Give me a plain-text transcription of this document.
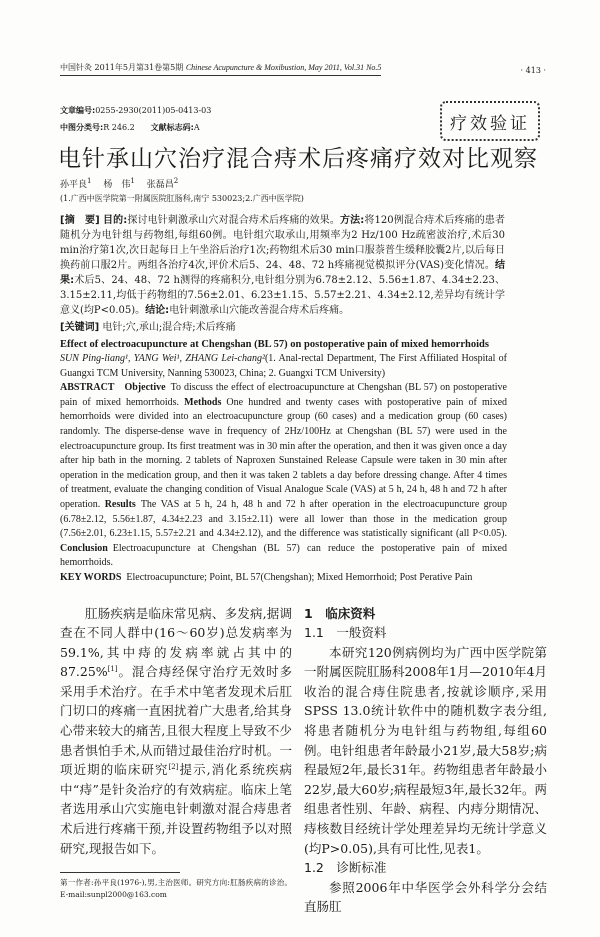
中国针灸 2011年5月第31卷第5期 Chinese Acupuncture & Moxibustion, May 2011, Vol.31 No.5	· 413 ·
文章编号:0255-2930(2011)05-0413-03
中图分类号:R 246.2   文献标志码:A	疗效验证
电针承山穴治疗混合痔术后疼痛疗效对比观察
孙平良$^1$  杨　伟$^1$  张磊昌$^2$
(1.广西中医学院第一附属医院肛肠科,南宁 530023;2.广西中医学院)
[摘　要] 目的:探讨电针刺激承山穴对混合痔术后疼痛的效果。方法:将120例混合痔术后疼痛的患者随机分为电针组与药物组,每组60例。电针组穴取承山,用频率为2 Hz/100 Hz疏密波治疗,术后30 min治疗第1次,次日起每日上午坐浴后治疗1次;药物组术后30 min口服萘普生缓释胶囊2片,以后每日换药前口服2片。两组各治疗4次,评价术后5、24、48、72 h疼痛视觉模拟评分(VAS)变化情况。结果:术后5、24、48、72 h测得的疼痛积分,电针组分别为6.78±2.12、5.56±1.87、4.34±2.23、3.15±2.11,均低于药物组的7.56±2.01、6.23±1.15、5.57±2.21、4.34±2.12,差异均有统计学意义(均P<0.05)。结论:电针刺激承山穴能改善混合痔术后疼痛。
[关键词] 电针;穴,承山;混合痔;术后疼痛
Effect of electroacupuncture at Chengshan (BL 57) on postoperative pain of mixed hemorrhoids
SUN Ping-liang¹, YANG Wei¹, ZHANG Lei-chang²(1. Anal-rectal Department, The First Affiliated Hospital of Guangxi TCM University, Nanning 530023, China; 2. Guangxi TCM University)
ABSTRACT  Objective  To discuss the effect of electroacupuncture at Chengshan (BL 57) on postoperative pain of mixed hemorrhoids. Methods  One hundred and twenty cases with postoperative pain of mixed hemorrhoids were divided into an electroacupuncture group (60 cases) and a medication group (60 cases) randomly. The disperse-dense wave in frequency of 2Hz/100Hz at Chengshan (BL 57) were used in the electroacupuncture group. Its first treatment was in 30 min after the operation, and then it was given once a day after hip bath in the morning. 2 tablets of Naproxen Sunstained Release Capsule were taken in 30 min after operation in the medication group, and then it was taken 2 tablets a day before dressing change. After 4 times of treatment, evaluate the changing condition of Visual Analogue Scale (VAS) at 5 h, 24 h, 48 h and 72 h after operation. Results  The VAS at 5 h, 24 h, 48 h and 72 h after operation in the electroacupuncture group (6.78±2.12, 5.56±1.87, 4.34±2.23 and 3.15±2.11) were all lower than those in the medication group (7.56±2.01, 6.23±1.15, 5.57±2.21 and 4.34±2.12), and the difference was statistically significant (all P<0.05). Conclusion  Electroacupuncture at Chengshan (BL 57) can reduce the postoperative pain of mixed hemorrhoids.
KEY WORDS  Electroacupuncture; Point, BL 57(Chengshan); Mixed Hemorrhoid; Post Perative Pain
肛肠疾病是临床常见病、多发病,据调查在不同人群中(16～60岁)总发病率为59.1%,其中痔的发病率就占其中的87.25%[1]。混合痔经保守治疗无效时多采用手术治疗。在手术中笔者发现术后肛门切口的疼痛一直困扰着广大患者,给其身心带来较大的痛苦,且很大程度上导致不少患者惧怕手术,从而错过最佳治疗时机。一项近期的临床研究[2]提示,消化系统疾病中“痔”是针灸治疗的有效病症。临床上笔者选用承山穴实施电针刺激对混合痔患者术后进行疼痛干预,并设置药物组予以对照研究,现报告如下。
第一作者:孙平良(1976-),男,主治医师。研究方向:肛肠疾病的诊治。E-mail:sunpl2000@163.com
1　临床资料
1.1　一般资料
本研究120例病例均为广西中医学院第一附属医院肛肠科2008年1月—2010年4月收治的混合痔住院患者,按就诊顺序,采用SPSS 13.0统计软件中的随机数字表分组,将患者随机分为电针组与药物组,每组60例。电针组患者年龄最小21岁,最大58岁;病程最短2年,最长31年。药物组患者年龄最小22岁,最大60岁;病程最短3年,最长32年。两组患者性别、年龄、病程、内痔分期情况、痔核数目经统计学处理差异均无统计学意义(均P>0.05),具有可比性,见表1。
1.2　诊断标准
参照2006年中华医学会外科学分会结直肠肛
